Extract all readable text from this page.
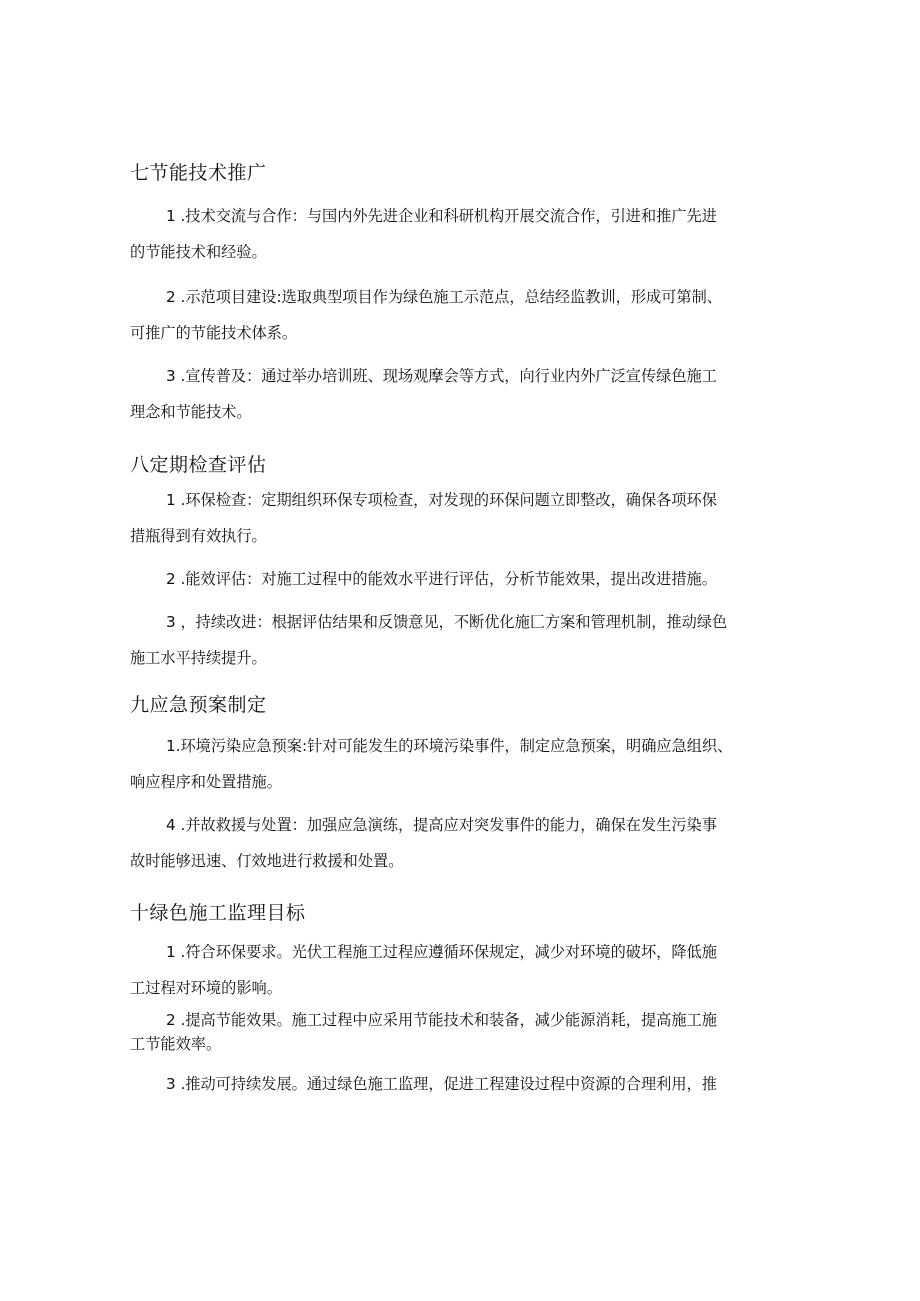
七节能技术推广

1 .技术交流与合作：与国内外先进企业和科研机构开展交流合作，引进和推广先进
的节能技术和经验。

2 .示范项目建设:选取典型项目作为绿色施工示范点，总结经监教训，形成可第制、
可推广的节能技术体系。

3 .宣传普及：通过举办培训班、现场观摩会等方式，向行业内外广泛宣传绿色施工
理念和节能技术。

八定期检查评估

1 .环保检查：定期组织环保专项检查，对发现的环保问题立即整改，确保各项环保
措瓶得到有效执行。

2 .能效评估：对施工过程中的能效水平进行评估，分析节能效果，提出改进措施。

3 ，持续改进：根据评估结果和反馈意见，不断优化施匚方案和管理机制，推动绿色
施工水平持续提升。

九应急预案制定

1.环境污染应急预案:针对可能发生的环境污染事件，制定应急预案，明确应急组织、
响应程序和处置措施。

4 .并故救援与处置：加强应急演练，提高应对突发事件的能力，确保在发生污染事
故时能够迅速、仃效地进行救援和处置。

十绿色施工监理目标

1 .符合环保要求。光伏工程施工过程应遵循环保规定，减少对环境的破坏，降低施
工过程对环境的影响。

2 .提高节能效果。施工过程中应采用节能技术和装备，减少能源消耗，提高施工施
工节能效率。

3 .推动可持续发展。通过绿色施工监理，促进工程建设过程中资源的合理利用，推
